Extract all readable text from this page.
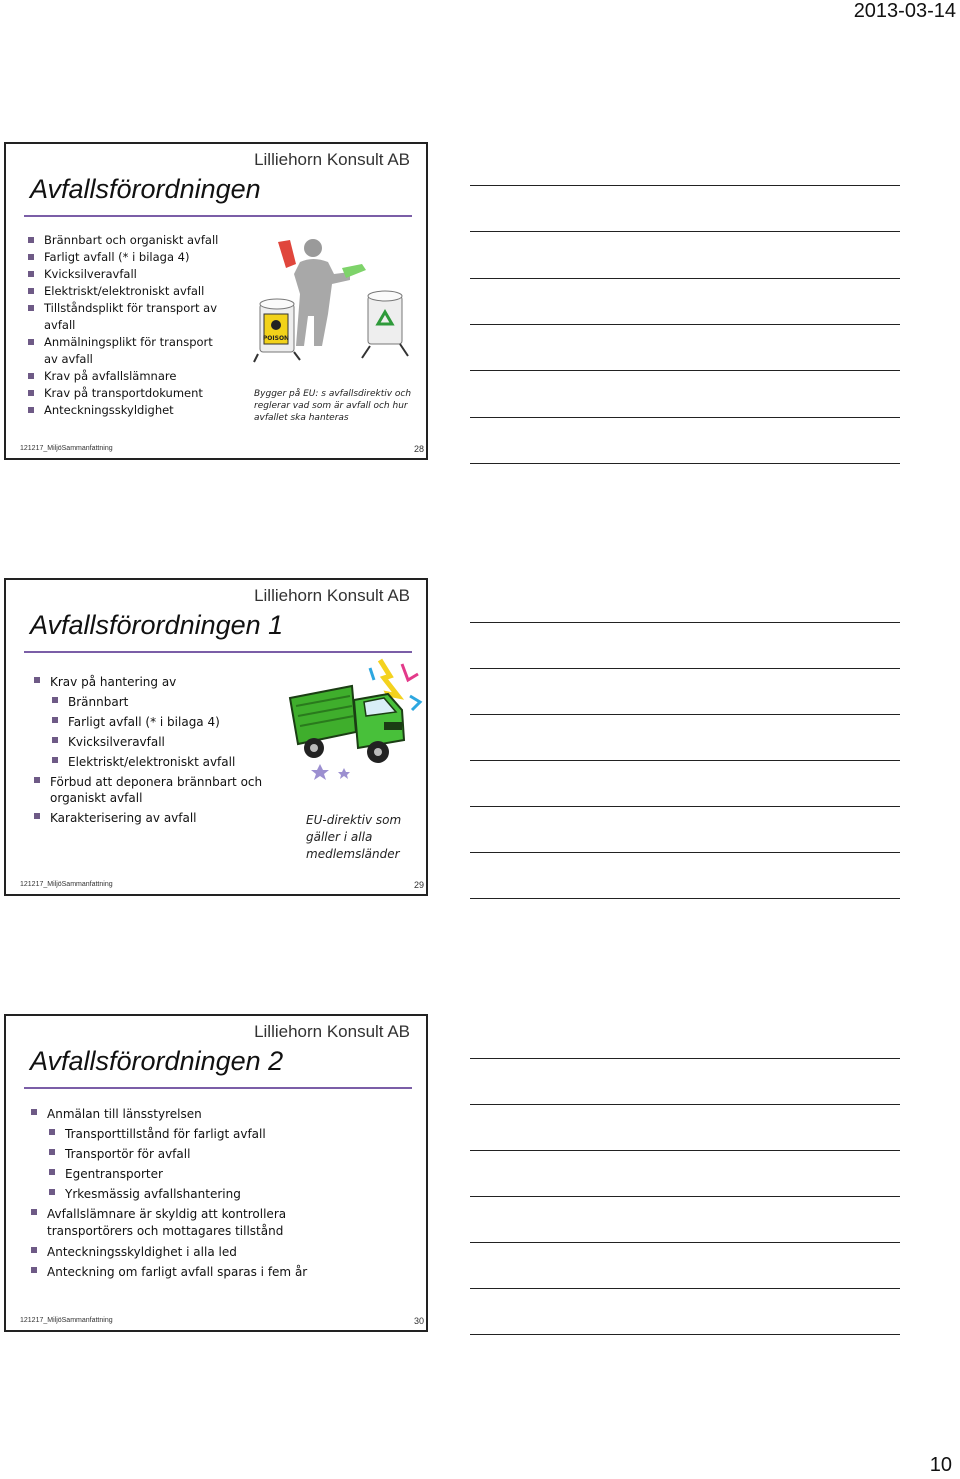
2013-03-14
Lilliehorn Konsult AB
Avfallsförordningen
Brännbart och organiskt avfall
Farligt avfall (* i bilaga 4)
Kvicksilveravfall
Elektriskt/elektroniskt avfall
Tillståndsplikt för transport av avfall
Anmälningsplikt för transport av avfall
Krav på avfallslämnare
Krav på transportdokument
Anteckningsskyldighet
POISON
Bygger på EU: s avfallsdirektiv och reglerar vad som är avfall och hur avfallet ska hanteras
121217_MiljöSammanfattning	28
Lilliehorn Konsult AB
Avfallsförordningen 1
Krav på hantering av
Brännbart
Farligt avfall (* i bilaga 4)
Kvicksilveravfall
Elektriskt/elektroniskt avfall
Förbud att deponera brännbart och organiskt avfall
Karakterisering av avfall	EU-direktiv som gäller i alla medlemsländer
121217_MiljöSammanfattning	29
Lilliehorn Konsult AB
Avfallsförordningen 2
Anmälan till länsstyrelsen
Transporttillstånd för farligt avfall
Transportör för avfall
Egentransporter
Yrkesmässig avfallshantering
Avfallslämnare är skyldig att kontrollera transportörers och mottagares tillstånd
Anteckningsskyldighet i alla led
Anteckning om farligt avfall sparas i fem år
121217_MiljöSammanfattning	30
10
